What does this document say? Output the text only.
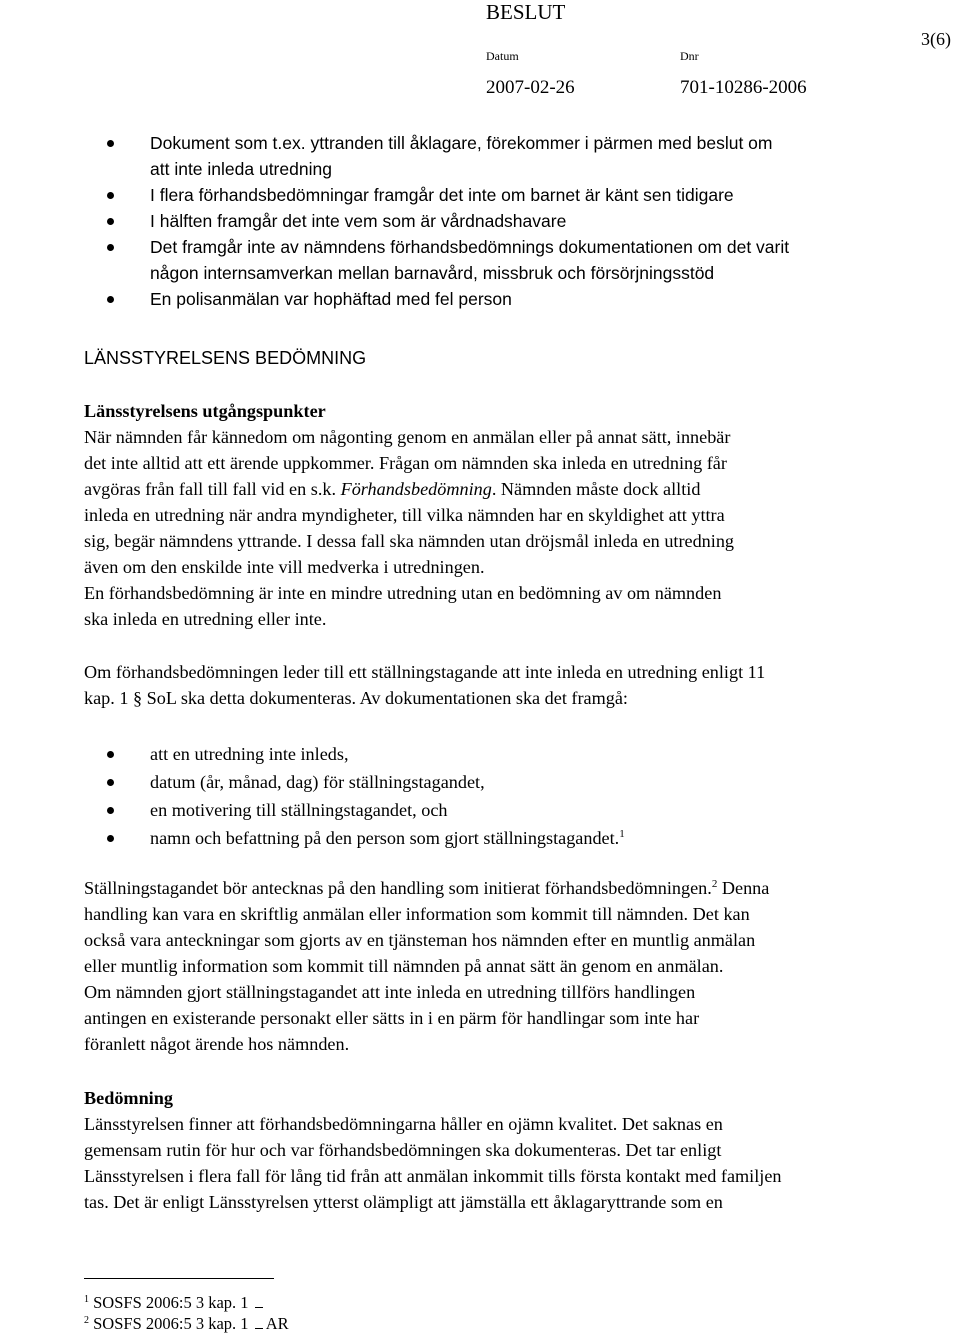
BESLUT
3(6)
Datum	Dnr
2007-02-26	701-10286-2006
Dokument som t.ex. yttranden till åklagare, förekommer i pärmen med beslut om
att inte inleda utredning
I flera förhandsbedömningar framgår det inte om barnet är känt sen tidigare
I hälften framgår det inte vem som är vårdnadshavare
Det framgår inte av nämndens förhandsbedömnings dokumentationen om det varit
någon internsamverkan mellan barnavård, missbruk och försörjningsstöd
En polisanmälan var hophäftad med fel person
LÄNSSTYRELSENS BEDÖMNING
Länsstyrelsens utgångspunkter
När nämnden får kännedom om någonting genom en anmälan eller på annat sätt, innebär
det inte alltid att ett ärende uppkommer. Frågan om nämnden ska inleda en utredning får
avgöras från fall till fall vid en s.k. Förhandsbedömning. Nämnden måste dock alltid
inleda en utredning när andra myndigheter, till vilka nämnden har en skyldighet att yttra
sig, begär nämndens yttrande. I dessa fall ska nämnden utan dröjsmål inleda en utredning
även om den enskilde inte vill medverka i utredningen.
En förhandsbedömning är inte en mindre utredning utan en bedömning av om nämnden
ska inleda en utredning eller inte.
Om förhandsbedömningen leder till ett ställningstagande att inte inleda en utredning enligt 11
kap. 1 § SoL ska detta dokumenteras. Av dokumentationen ska det framgå:
att en utredning inte inleds,
datum (år, månad, dag) för ställningstagandet,
en motivering till ställningstagandet, och
namn och befattning på den person som gjort ställningstagandet.$^1$
Ställningstagandet bör antecknas på den handling som initierat förhandsbedömningen.$^2$ Denna
handling kan vara en skriftlig anmälan eller information som kommit till nämnden. Det kan
också vara anteckningar som gjorts av en tjänsteman hos nämnden efter en muntlig anmälan
eller muntlig information som kommit till nämnden på annat sätt än genom en anmälan.
Om nämnden gjort ställningstagandet att inte inleda en utredning tillförs handlingen
antingen en existerande personakt eller sätts in i en pärm för handlingar som inte har
föranlett något ärende hos nämnden.
Bedömning
Länsstyrelsen finner att förhandsbedömningarna håller en ojämn kvalitet. Det saknas en
gemensam rutin för hur och var förhandsbedömningen ska dokumenteras. Det tar enligt
Länsstyrelsen i flera fall för lång tid från att anmälan inkommit tills första kontakt med familjen
tas. Det är enligt Länsstyrelsen ytterst olämpligt att jämställa ett åklagaryttrande som en
$^1$ SOSFS 2006:5 3 kap. 1
$^2$ SOSFS 2006:5 3 kap. 1 AR
